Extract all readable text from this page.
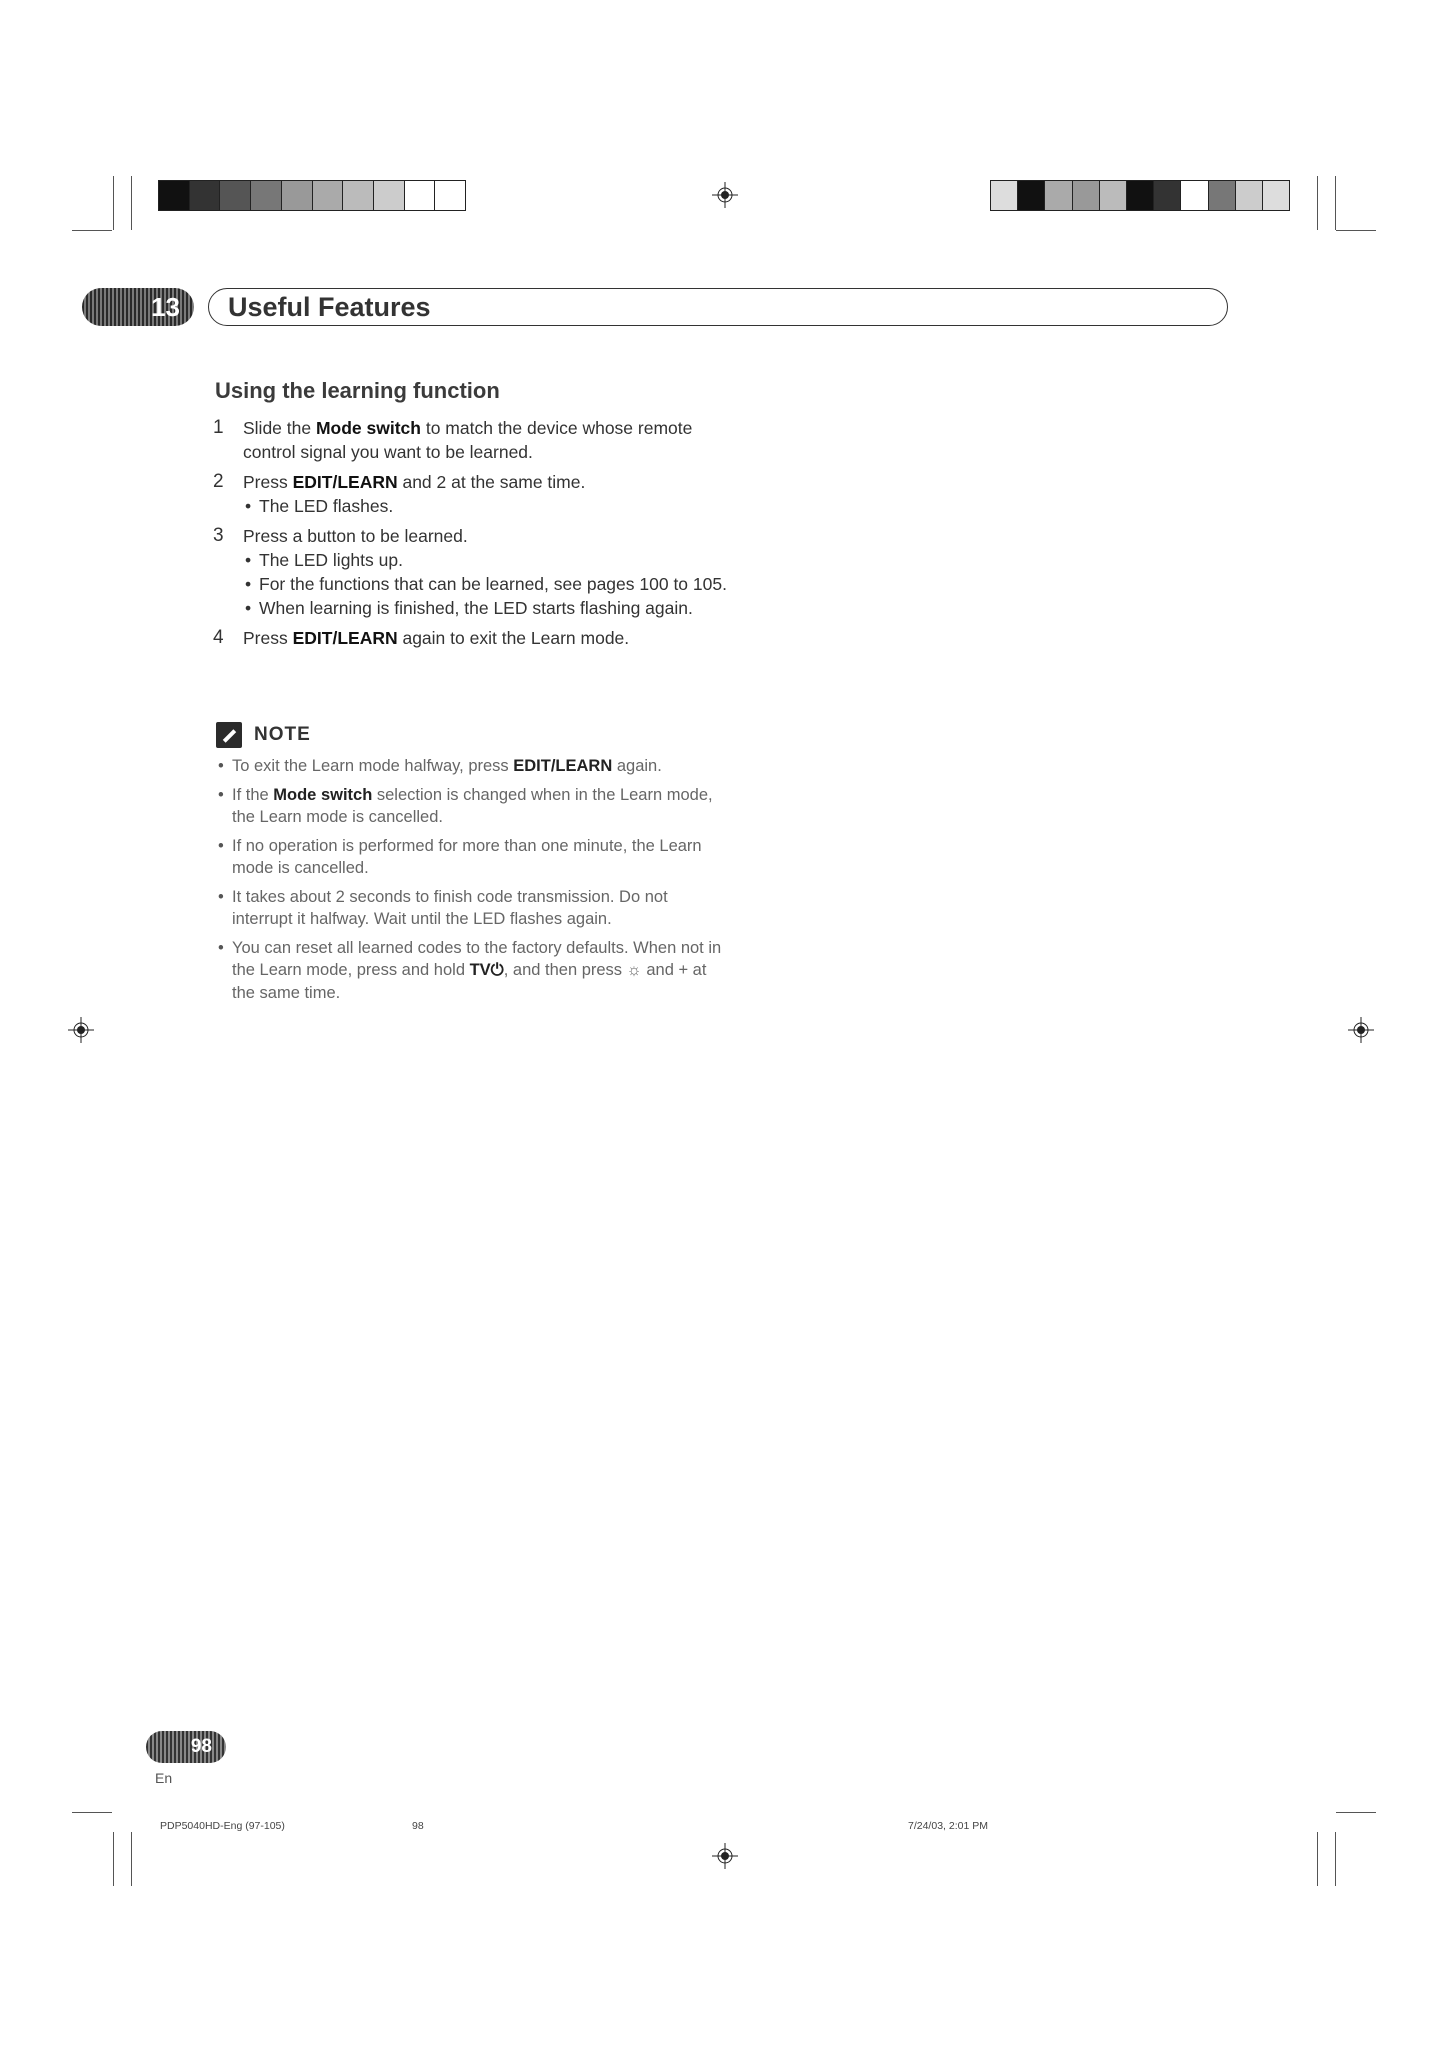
13	Useful Features
Using the learning function
1 Slide the Mode switch to match the device whose remote control signal you want to be learned.
2 Press EDIT/LEARN and 2 at the same time.
• The LED flashes.
3 Press a button to be learned.
• The LED lights up.
• For the functions that can be learned, see pages 100 to 105.
• When learning is finished, the LED starts flashing again.
4 Press EDIT/LEARN again to exit the Learn mode.
NOTE
• To exit the Learn mode halfway, press EDIT/LEARN again.
• If the Mode switch selection is changed when in the Learn mode, the Learn mode is cancelled.
• If no operation is performed for more than one minute, the Learn mode is cancelled.
• It takes about 2 seconds to finish code transmission. Do not interrupt it halfway. Wait until the LED flashes again.
• You can reset all learned codes to the factory defaults. When not in the Learn mode, press and hold TV⏻, and then press ☼ and + at the same time.
98
En
PDP5040HD-Eng (97-105)	98	7/24/03, 2:01 PM
